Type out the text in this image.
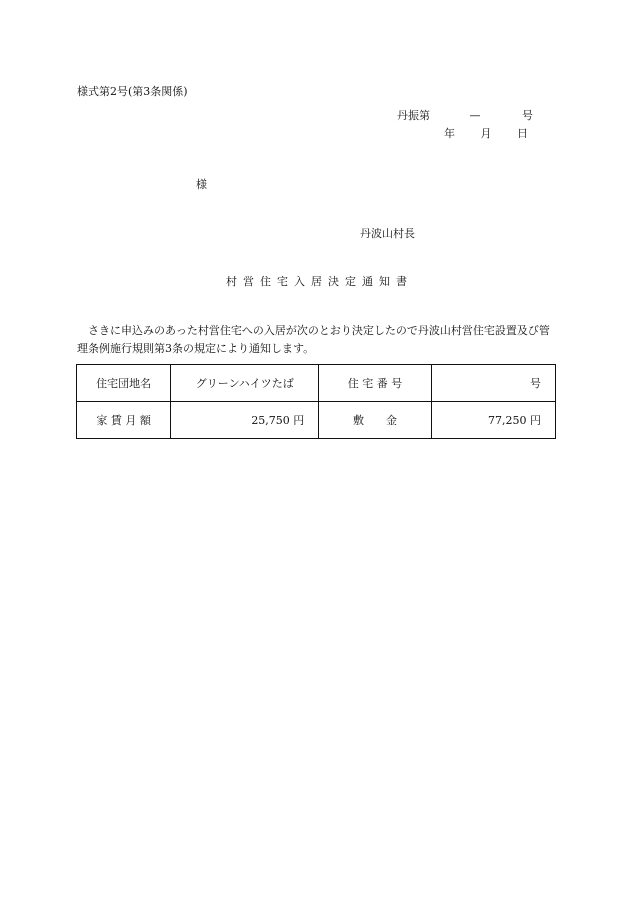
様式第2号(第3条関係)
丹振第	—	号
年 月 日
様
丹波山村長
村営住宅入居決定通知書
さきに申込みのあった村営住宅への入居が次のとおり決定したので丹波山村営住宅設置及び管理条例施行規則第3条の規定により通知します。
住宅団地名	グリーンハイツたば	住 宅 番 号	号
家 賃 月 額	25,750 円	敷　　金	77,250 円
